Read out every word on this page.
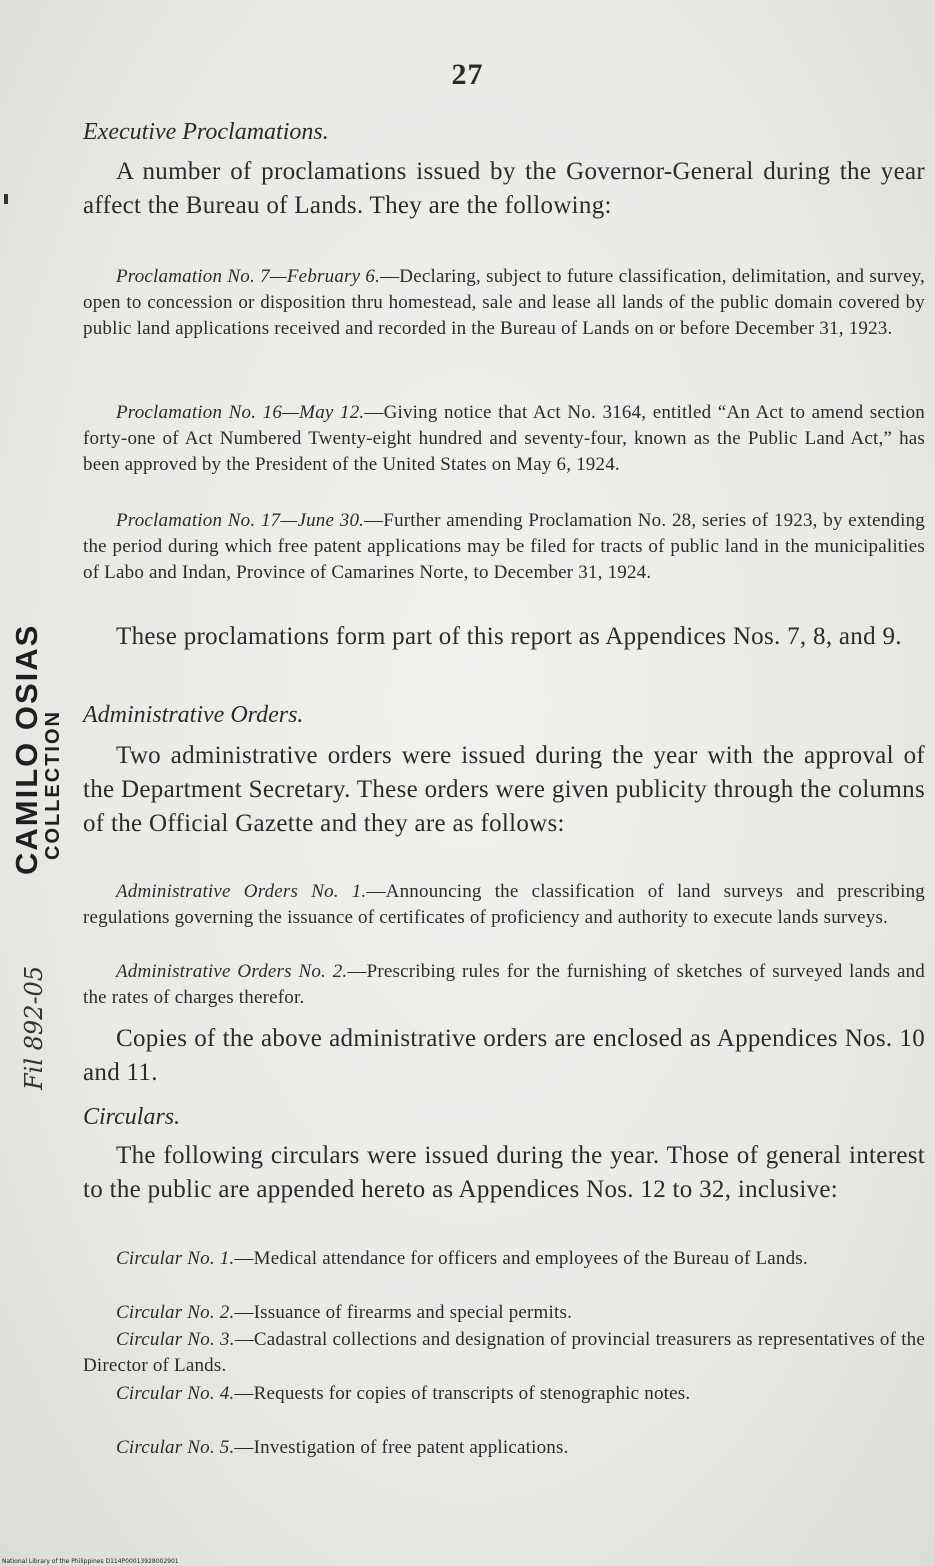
27

Executive Proclamations.

A number of proclamations issued by the Governor-General during the year affect the Bureau of Lands. They are the following:

Proclamation No. 7—February 6.—Declaring, subject to future classification, delimitation, and survey, open to concession or disposition thru homestead, sale and lease all lands of the public domain covered by public land applications received and recorded in the Bureau of Lands on or before December 31, 1923.

Proclamation No. 16—May 12.—Giving notice that Act No. 3164, entitled “An Act to amend section forty-one of Act Numbered Twenty-eight hundred and seventy-four, known as the Public Land Act,” has been approved by the President of the United States on May 6, 1924.

Proclamation No. 17—June 30.—Further amending Proclamation No. 28, series of 1923, by extending the period during which free patent applications may be filed for tracts of public land in the municipalities of Labo and Indan, Province of Camarines Norte, to December 31, 1924.

These proclamations form part of this report as Appendices Nos. 7, 8, and 9.

Administrative Orders.

Two administrative orders were issued during the year with the approval of the Department Secretary. These orders were given publicity through the columns of the Official Gazette and they are as follows:

Administrative Orders No. 1.—Announcing the classification of land surveys and prescribing regulations governing the issuance of certificates of proficiency and authority to execute lands surveys.

Administrative Orders No. 2.—Prescribing rules for the furnishing of sketches of surveyed lands and the rates of charges therefor.

Copies of the above administrative orders are enclosed as Appendices Nos. 10 and 11.

Circulars.

The following circulars were issued during the year. Those of general interest to the public are appended hereto as Appendices Nos. 12 to 32, inclusive:

Circular No. 1.—Medical attendance for officers and employees of the Bureau of Lands.

Circular No. 2.—Issuance of firearms and special permits.

Circular No. 3.—Cadastral collections and designation of provincial treasurers as representatives of the Director of Lands.

Circular No. 4.—Requests for copies of transcripts of stenographic notes.

Circular No. 5.—Investigation of free patent applications.

CAMILO OSIAS
COLLECTION
Fil 892-05
National Library of the Philippines D114P00013928002901
